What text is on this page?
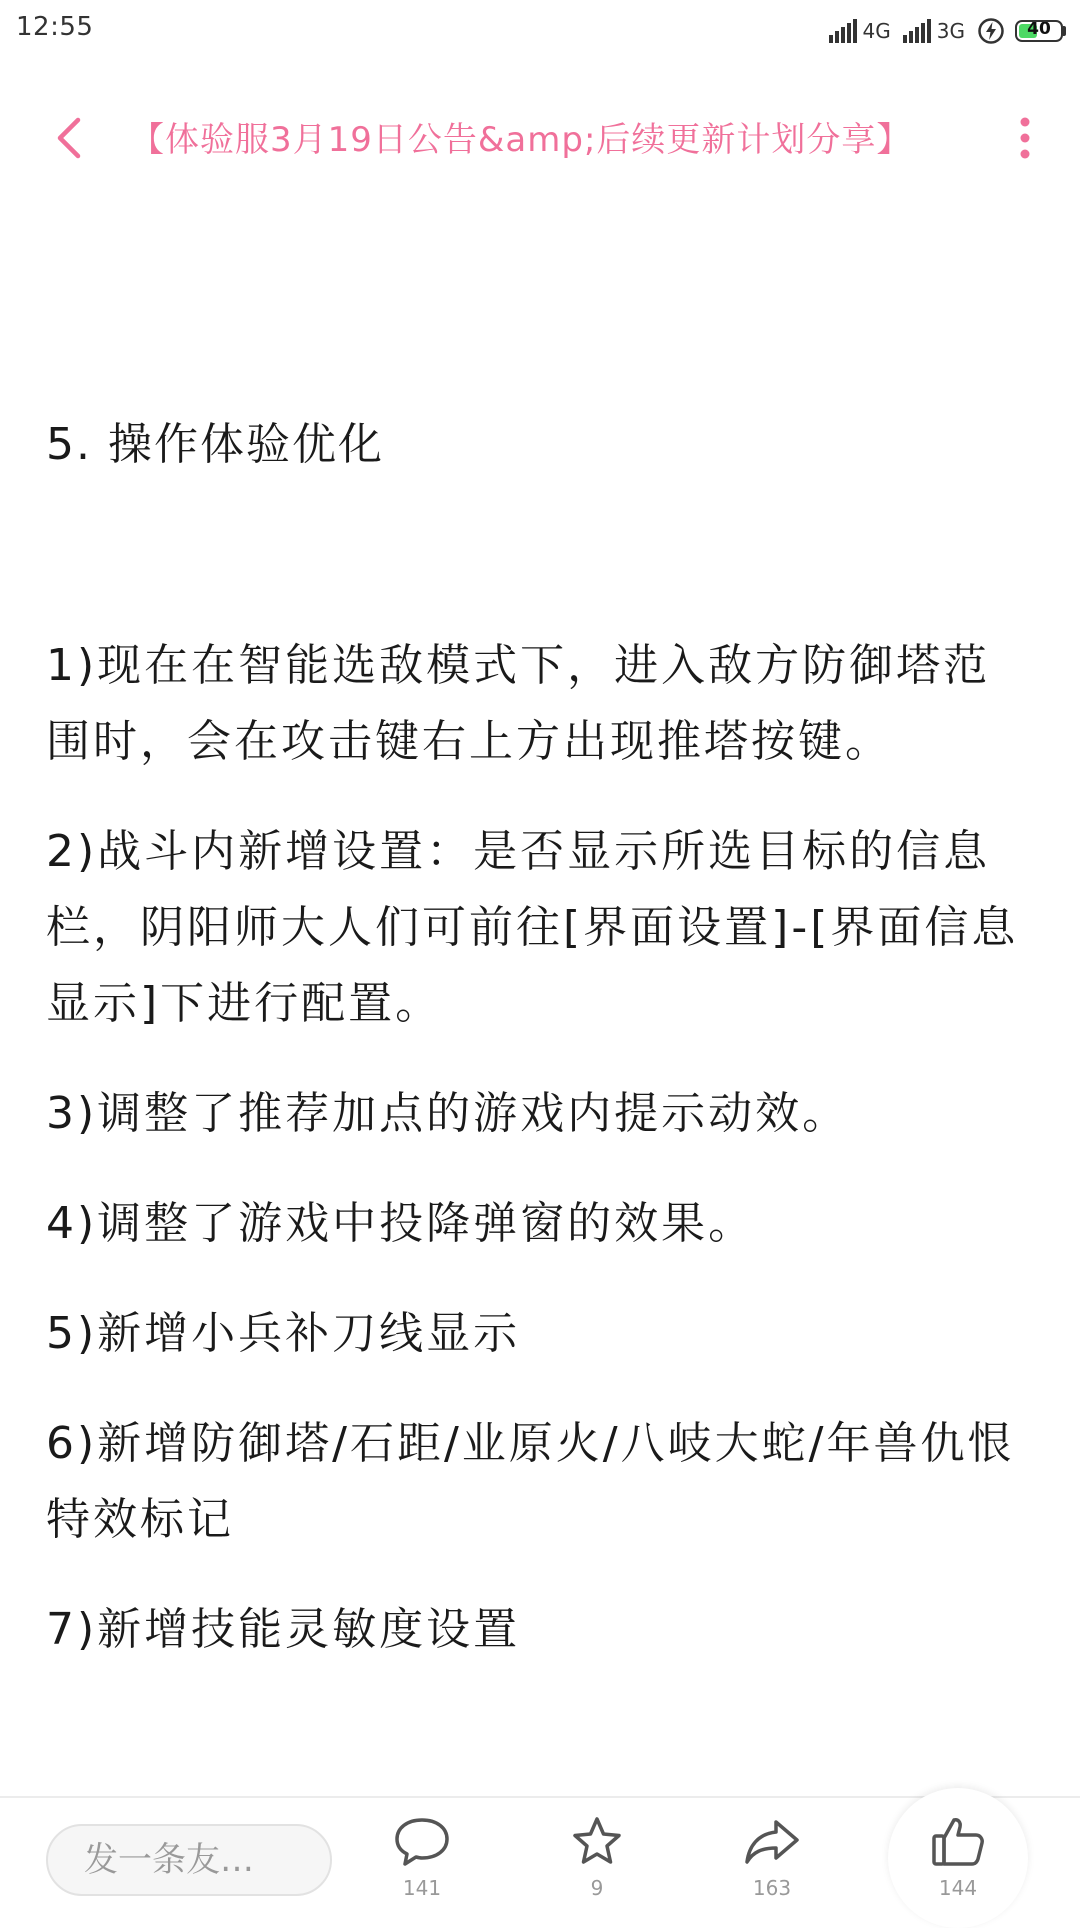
12:55	4G 3G	40
【体验服3月19日公告&amp;后续更新计划分享】

5. 操作体验优化

1)现在在智能选敌模式下，进入敌方防御塔范围时，会在攻击键右上方出现推塔按键。

2)战斗内新增设置：是否显示所选目标的信息栏，阴阳师大人们可前往[界面设置]-[界面信息显示]下进行配置。

3)调整了推荐加点的游戏内提示动效。

4)调整了游戏中投降弹窗的效果。

5)新增小兵补刀线显示

6)新增防御塔/石距/业原火/八岐大蛇/年兽仇恨特效标记

7)新增技能灵敏度设置

发一条友…
141	9	163	144
